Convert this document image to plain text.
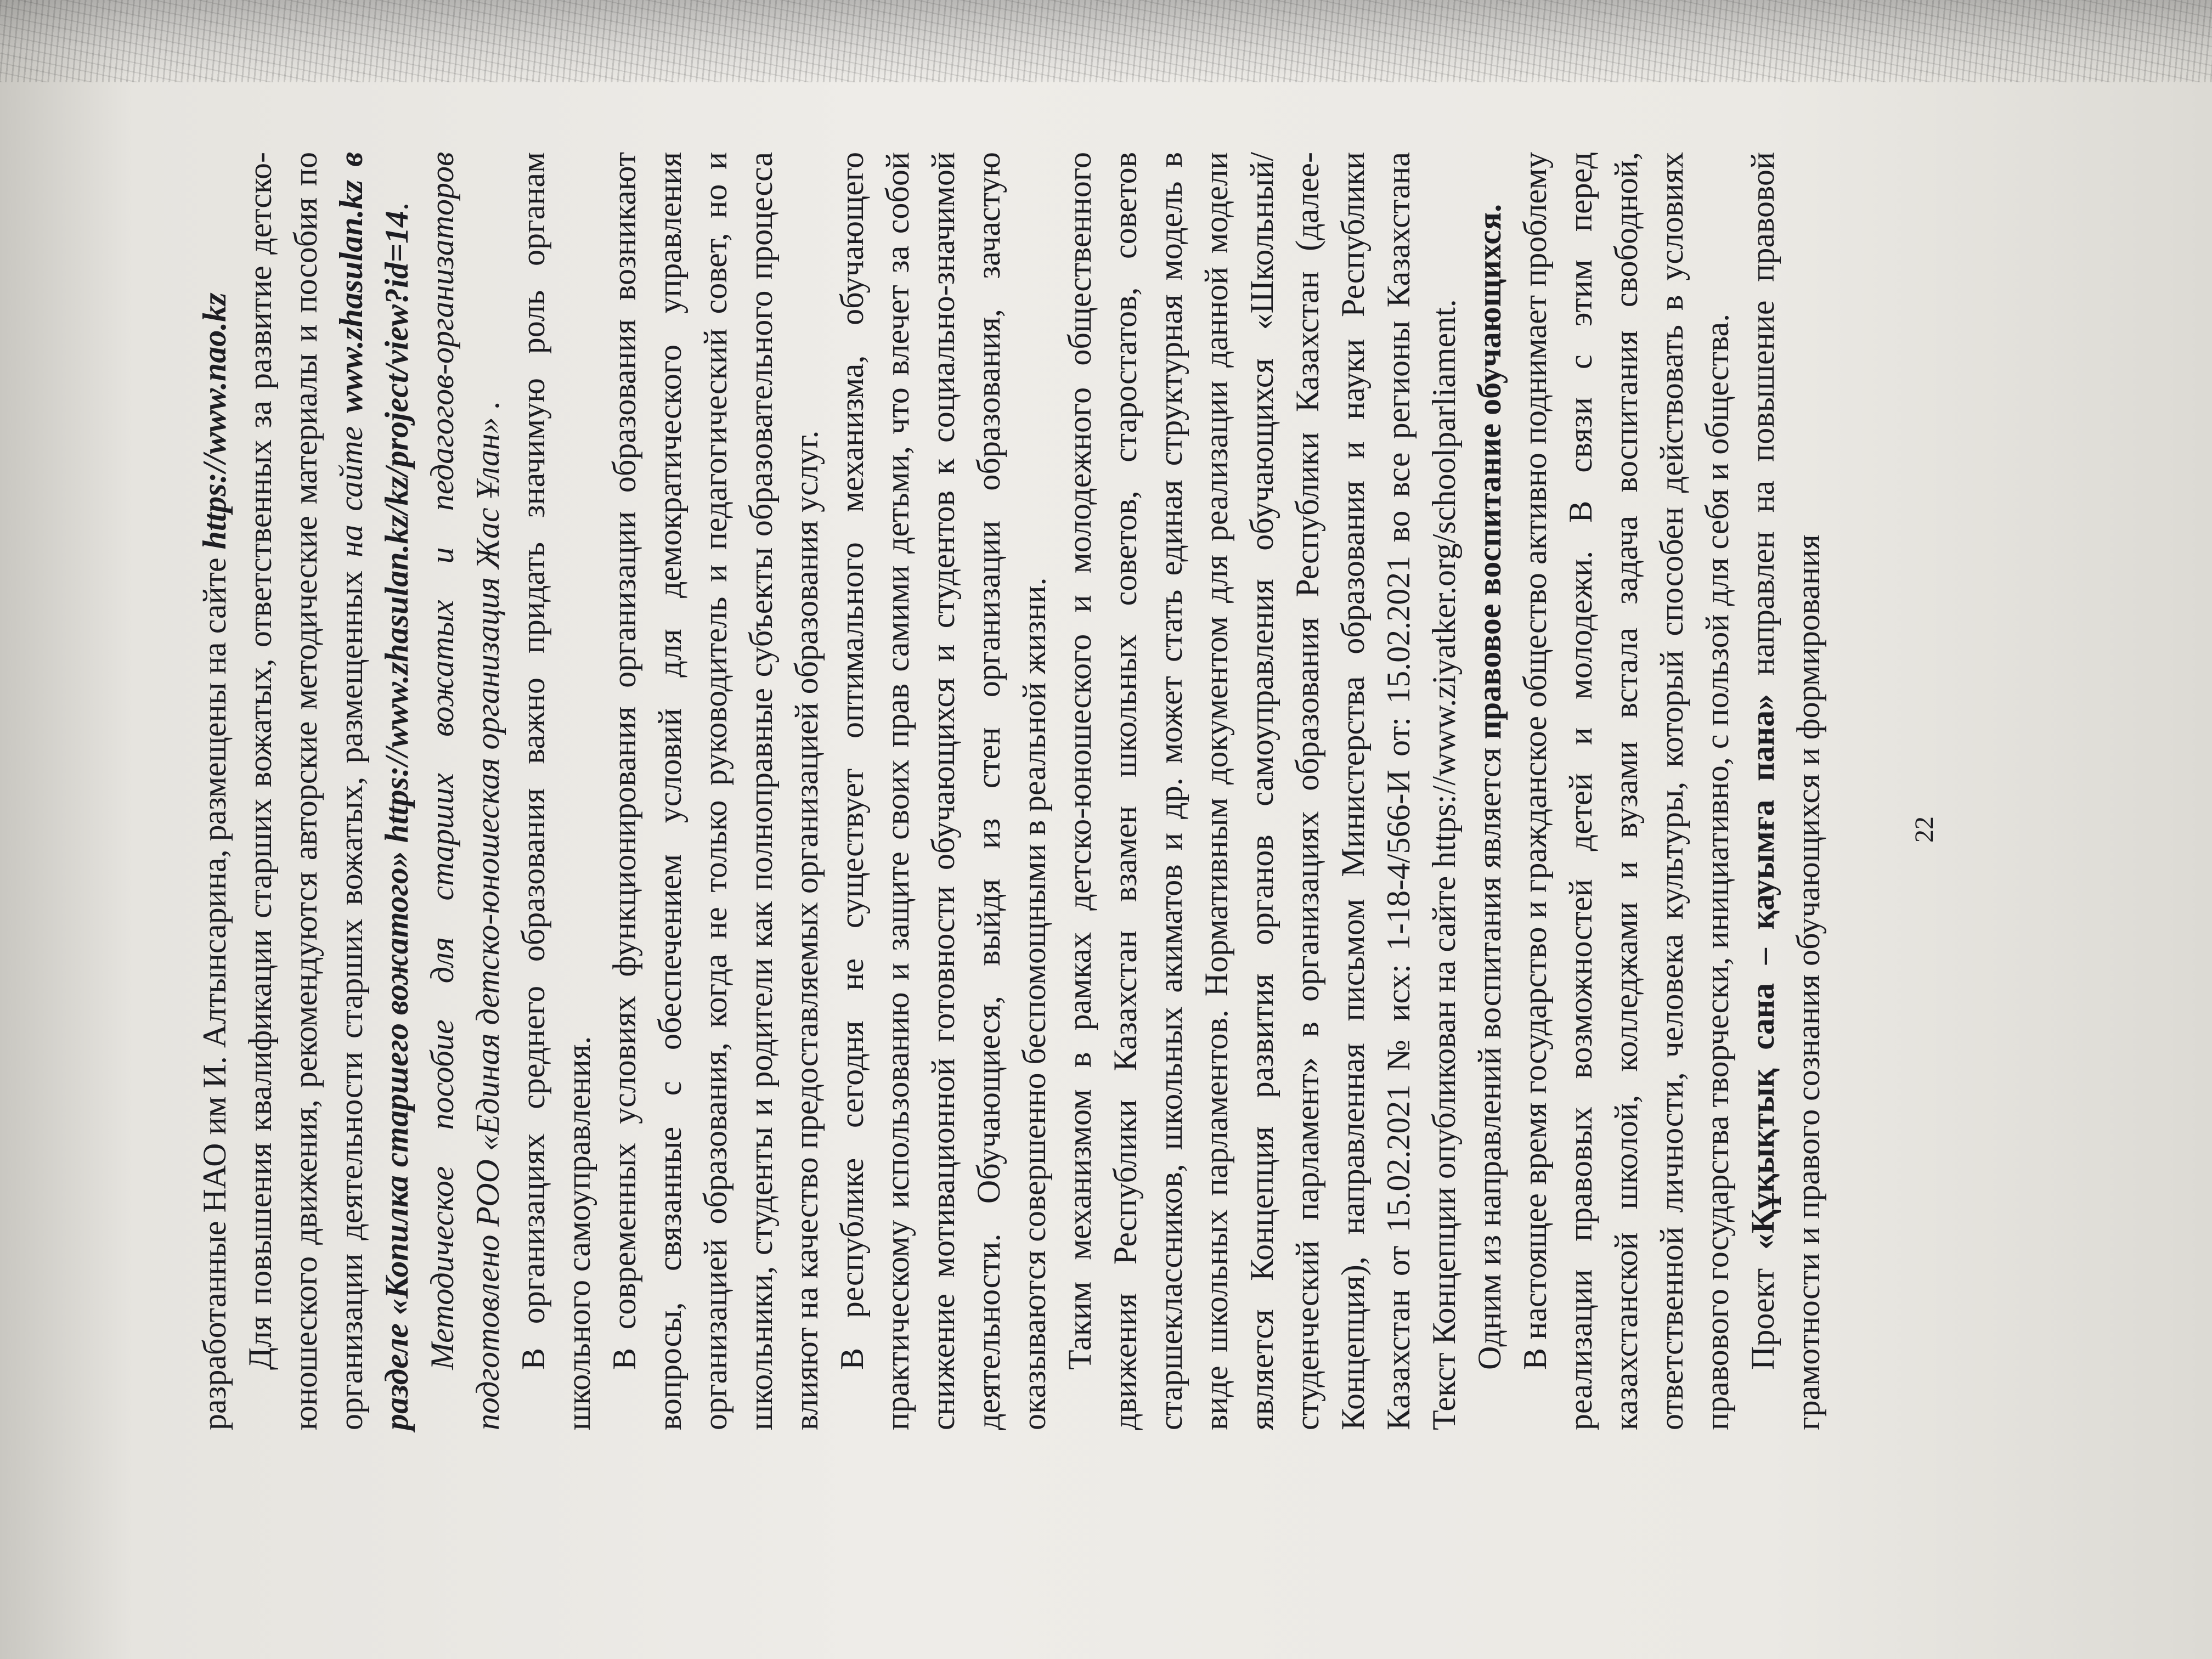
разработанные НАО им И. Алтынсарина, размещены на сайте https://www.nao.kz Для повышения квалификации старших вожатых, ответственных за развитие детско-юношеского движения, рекомендуются авторские методические материалы и пособия по организации деятельности старших вожатых, размещенных на сайте www.zhasulan.kz в разделе «Копилка старшего вожатого» https://www.zhasulan.kz/kz/project/view?id=14. Методическое пособие для старших вожатых и педагогов-организаторов подготовлено РОО «Единая детско-юношеская организация Жас Ұлан» . В организациях среднего образования важно придать значимую роль органам школьного самоуправления. В современных условиях функционирования организации образования возникают вопросы, связанные с обеспечением условий для демократического управления организацией образования, когда не только руководитель и педагогический совет, но и школьники, студенты и родители как полноправные субъекты образовательного процесса влияют на качество предоставляемых организацией образования услуг. В республике сегодня не существует оптимального механизма, обучающего практическому использованию и защите своих прав самими детьми, что влечет за собой снижение мотивационной готовности обучающихся и студентов к социально-значимой деятельности. Обучающиеся, выйдя из стен организации образования, зачастую оказываются совершенно беспомощными в реальной жизни. Таким механизмом в рамках детско-юношеского и молодежного общественного движения Республики Казахстан взамен школьных советов, старостатов, советов старшеклассников, школьных акиматов и др. может стать единая структурная модель в виде школьных парламентов. Нормативным документом для реализации данной модели является Концепция развития органов самоуправления обучающихся «Школьный/студенческий парламент» в организациях образования Республики Казахстан (далее-Концепция), направленная письмом Министерства образования и науки Республики Казахстан от 15.02.2021 № исх: 1-18-4/566-И от: 15.02.2021 во все регионы Казахстана Текст Концепции опубликован на сайте https://www.ziyatker.org/schoolparliament. Одним из направлений воспитания является правовое воспитание обучающихся. В настоящее время государство и гражданское общество активно поднимает проблему реализации правовых возможностей детей и молодежи. В связи с этим перед казахстанской школой, колледжами и вузами встала задача воспитания свободной, ответственной личности, человека культуры, который способен действовать в условиях правового государства творчески, инициативно, с пользой для себя и общества. Проект «Құқықтық сана – қауымға пана» направлен на повышение правовой грамотности и правого сознания обучающихся и формирования	22
